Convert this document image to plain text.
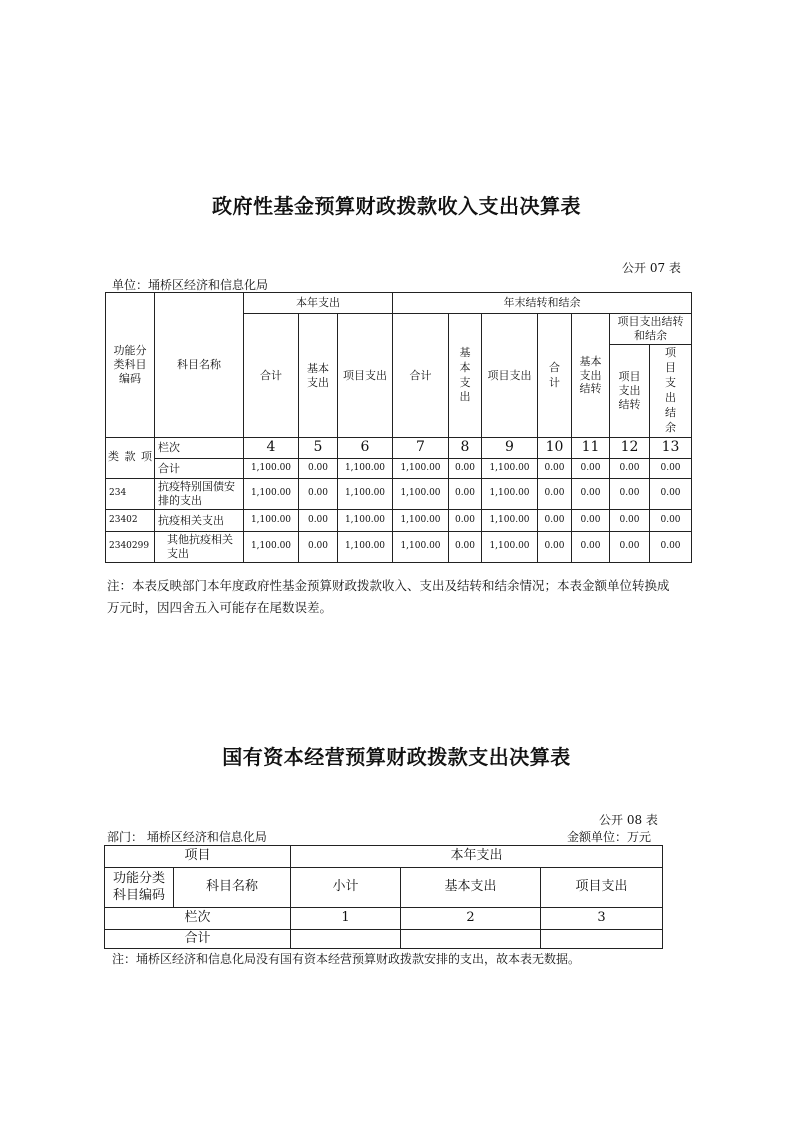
政府性基金预算财政拨款收入支出决算表
公开 07 表
单位：埇桥区经济和信息化局
功能分类科目编码	科目名称	本年支出			年末结转和结余						
		合计	基本支出	项目支出	合计	基本支出	项目支出	合计	基本支出结转	项目支出结转和结余	
										项目支出结转	项目支出结余

类 款 项	栏次	4	5	6	7	8	9	10	11	12	13
	合计	1,100.00	0.00	1,100.00	1,100.00	0.00	1,100.00	0.00	0.00	0.00	0.00
234	抗疫特别国债安排的支出	1,100.00	0.00	1,100.00	1,100.00	0.00	1,100.00	0.00	0.00	0.00	0.00
23402	抗疫相关支出	1,100.00	0.00	1,100.00	1,100.00	0.00	1,100.00	0.00	0.00	0.00	0.00
2340299	其他抗疫相关支出	1,100.00	0.00	1,100.00	1,100.00	0.00	1,100.00	0.00	0.00	0.00	0.00
注：本表反映部门本年度政府性基金预算财政拨款收入、支出及结转和结余情况；本表金额单位转换成
万元时，因四舍五入可能存在尾数误差。
国有资本经营预算财政拨款支出决算表
公开 08 表
部门： 埇桥区经济和信息化局	金额单位：万元
项目		本年支出		
功能分类科目编码	科目名称	小计	基本支出	项目支出
栏次		1	2	3
合计				
注：埇桥区经济和信息化局没有国有资本经营预算财政拨款安排的支出，故本表无数据。
